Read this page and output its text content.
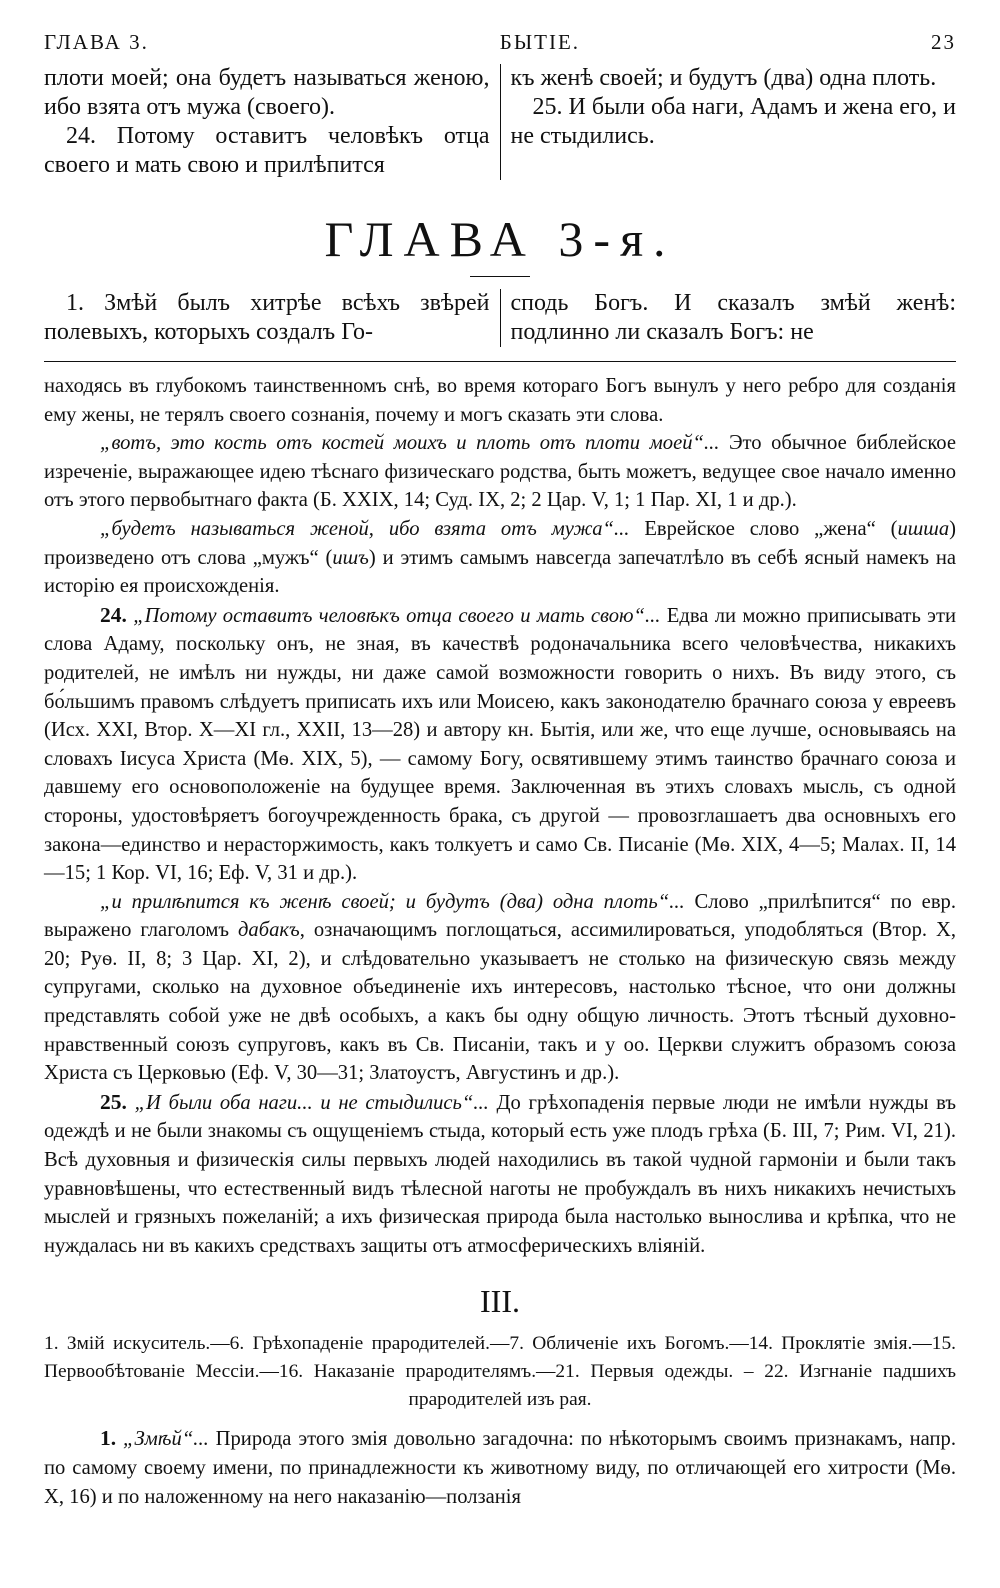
ГЛАВА 3.	БЫТІЕ.	23
плоти моей; она будетъ называться женою, ибо взята отъ мужа (своего).
24. Потому оставитъ человѣкъ отца своего и мать свою и прилѣпится
къ женѣ своей; и будутъ (два) одна плоть.
25. И были оба наги, Адамъ и жена его, и не стыдились.
ГЛАВА 3-я.
1. Змѣй былъ хитрѣе всѣхъ звѣрей полевыхъ, которыхъ создалъ Го-
сподь Богъ. И сказалъ змѣй женѣ: подлинно ли сказалъ Богъ: не

находясь въ глубокомъ таинственномъ снѣ, во время котораго Богъ вынулъ у него ребро для созданія ему жены, не терялъ своего сознанія, почему и могъ сказать эти слова.

„вотъ, это кость отъ костей моихъ и плоть отъ плоти моей“... Это обычное библейское изреченіе, выражающее идею тѣснаго физическаго родства, быть можетъ, ведущее свое начало именно отъ этого первобытнаго факта (Б. XXIX, 14; Суд. IX, 2; 2 Цар. V, 1; 1 Пар. XI, 1 и др.).

„будетъ называться женой, ибо взята отъ мужа“... Еврейское слово „жена“ (ишша) произведено отъ слова „мужъ“ (ишъ) и этимъ самымъ навсегда запечатлѣло въ себѣ ясный намекъ на исторію ея происхожденія.

24. „Потому оставитъ человѣкъ отца своего и мать свою“... Едва ли можно приписывать эти слова Адаму, поскольку онъ, не зная, въ качествѣ родоначальника всего человѣчества, никакихъ родителей, не имѣлъ ни нужды, ни даже самой возможности говорить о нихъ. Въ виду этого, съ бо́льшимъ правомъ слѣдуетъ приписать ихъ или Моисею, какъ законодателю брачнаго союза у евреевъ (Исх. XXI, Втор. X—XI гл., XXII, 13—28) и автору кн. Бытія, или же, что еще лучше, основываясь на словахъ Іисуса Христа (Мѳ. XIX, 5), — самому Богу, освятившему этимъ таинство брачнаго союза и давшему его основоположеніе на будущее время. Заключенная въ этихъ словахъ мысль, съ одной стороны, удостовѣряетъ богоучрежденность брака, съ другой — провозглашаетъ два основныхъ его закона—единство и нерасторжимость, какъ толкуетъ и само Св. Писаніе (Мѳ. XIX, 4—5; Малах. II, 14—15; 1 Кор. VI, 16; Еф. V, 31 и др.).

„и прилѣпится къ женѣ своей; и будутъ (два) одна плоть“... Слово „прилѣпится“ по евр. выражено глаголомъ дабакъ, означающимъ поглощаться, ассимилироваться, уподобляться (Втор. X, 20; Руѳ. II, 8; 3 Цар. XI, 2), и слѣдовательно указываетъ не столько на физическую связь между супругами, сколько на духовное объединеніе ихъ интересовъ, настолько тѣсное, что они должны представлять собой уже не двѣ особыхъ, а какъ бы одну общую личность. Этотъ тѣсный духовно-нравственный союзъ супруговъ, какъ въ Св. Писаніи, такъ и у оо. Церкви служитъ образомъ союза Христа съ Церковью (Еф. V, 30—31; Златоустъ, Августинъ и др.).

25. „И были оба наги... и не стыдились“... До грѣхопаденія первые люди не имѣли нужды въ одеждѣ и не были знакомы съ ощущеніемъ стыда, который есть уже плодъ грѣха (Б. III, 7; Рим. VI, 21). Всѣ духовныя и физическія силы первыхъ людей находились въ такой чудной гармоніи и были такъ уравновѣшены, что естественный видъ тѣлесной наготы не пробуждалъ въ нихъ никакихъ нечистыхъ мыслей и грязныхъ пожеланій; а ихъ физическая природа была настолько вынослива и крѣпка, что не нуждалась ни въ какихъ средствахъ защиты отъ атмосферическихъ вліяній.

III.
1. Змій искуситель.—6. Грѣхопаденіе прародителей.—7. Обличеніе ихъ Богомъ.—14. Проклятіе змія.—15. Первообѣтованіе Мессіи.—16. Наказаніе прародителямъ.—21. Первыя одежды. – 22. Изгнаніе падшихъ прародителей изъ рая.

1. „Змѣй“... Природа этого змія довольно загадочна: по нѣкоторымъ своимъ признакамъ, напр. по самому своему имени, по принадлежности къ животному виду, по отличающей его хитрости (Мѳ. X, 16) и по наложенному на него наказанію—ползанія
